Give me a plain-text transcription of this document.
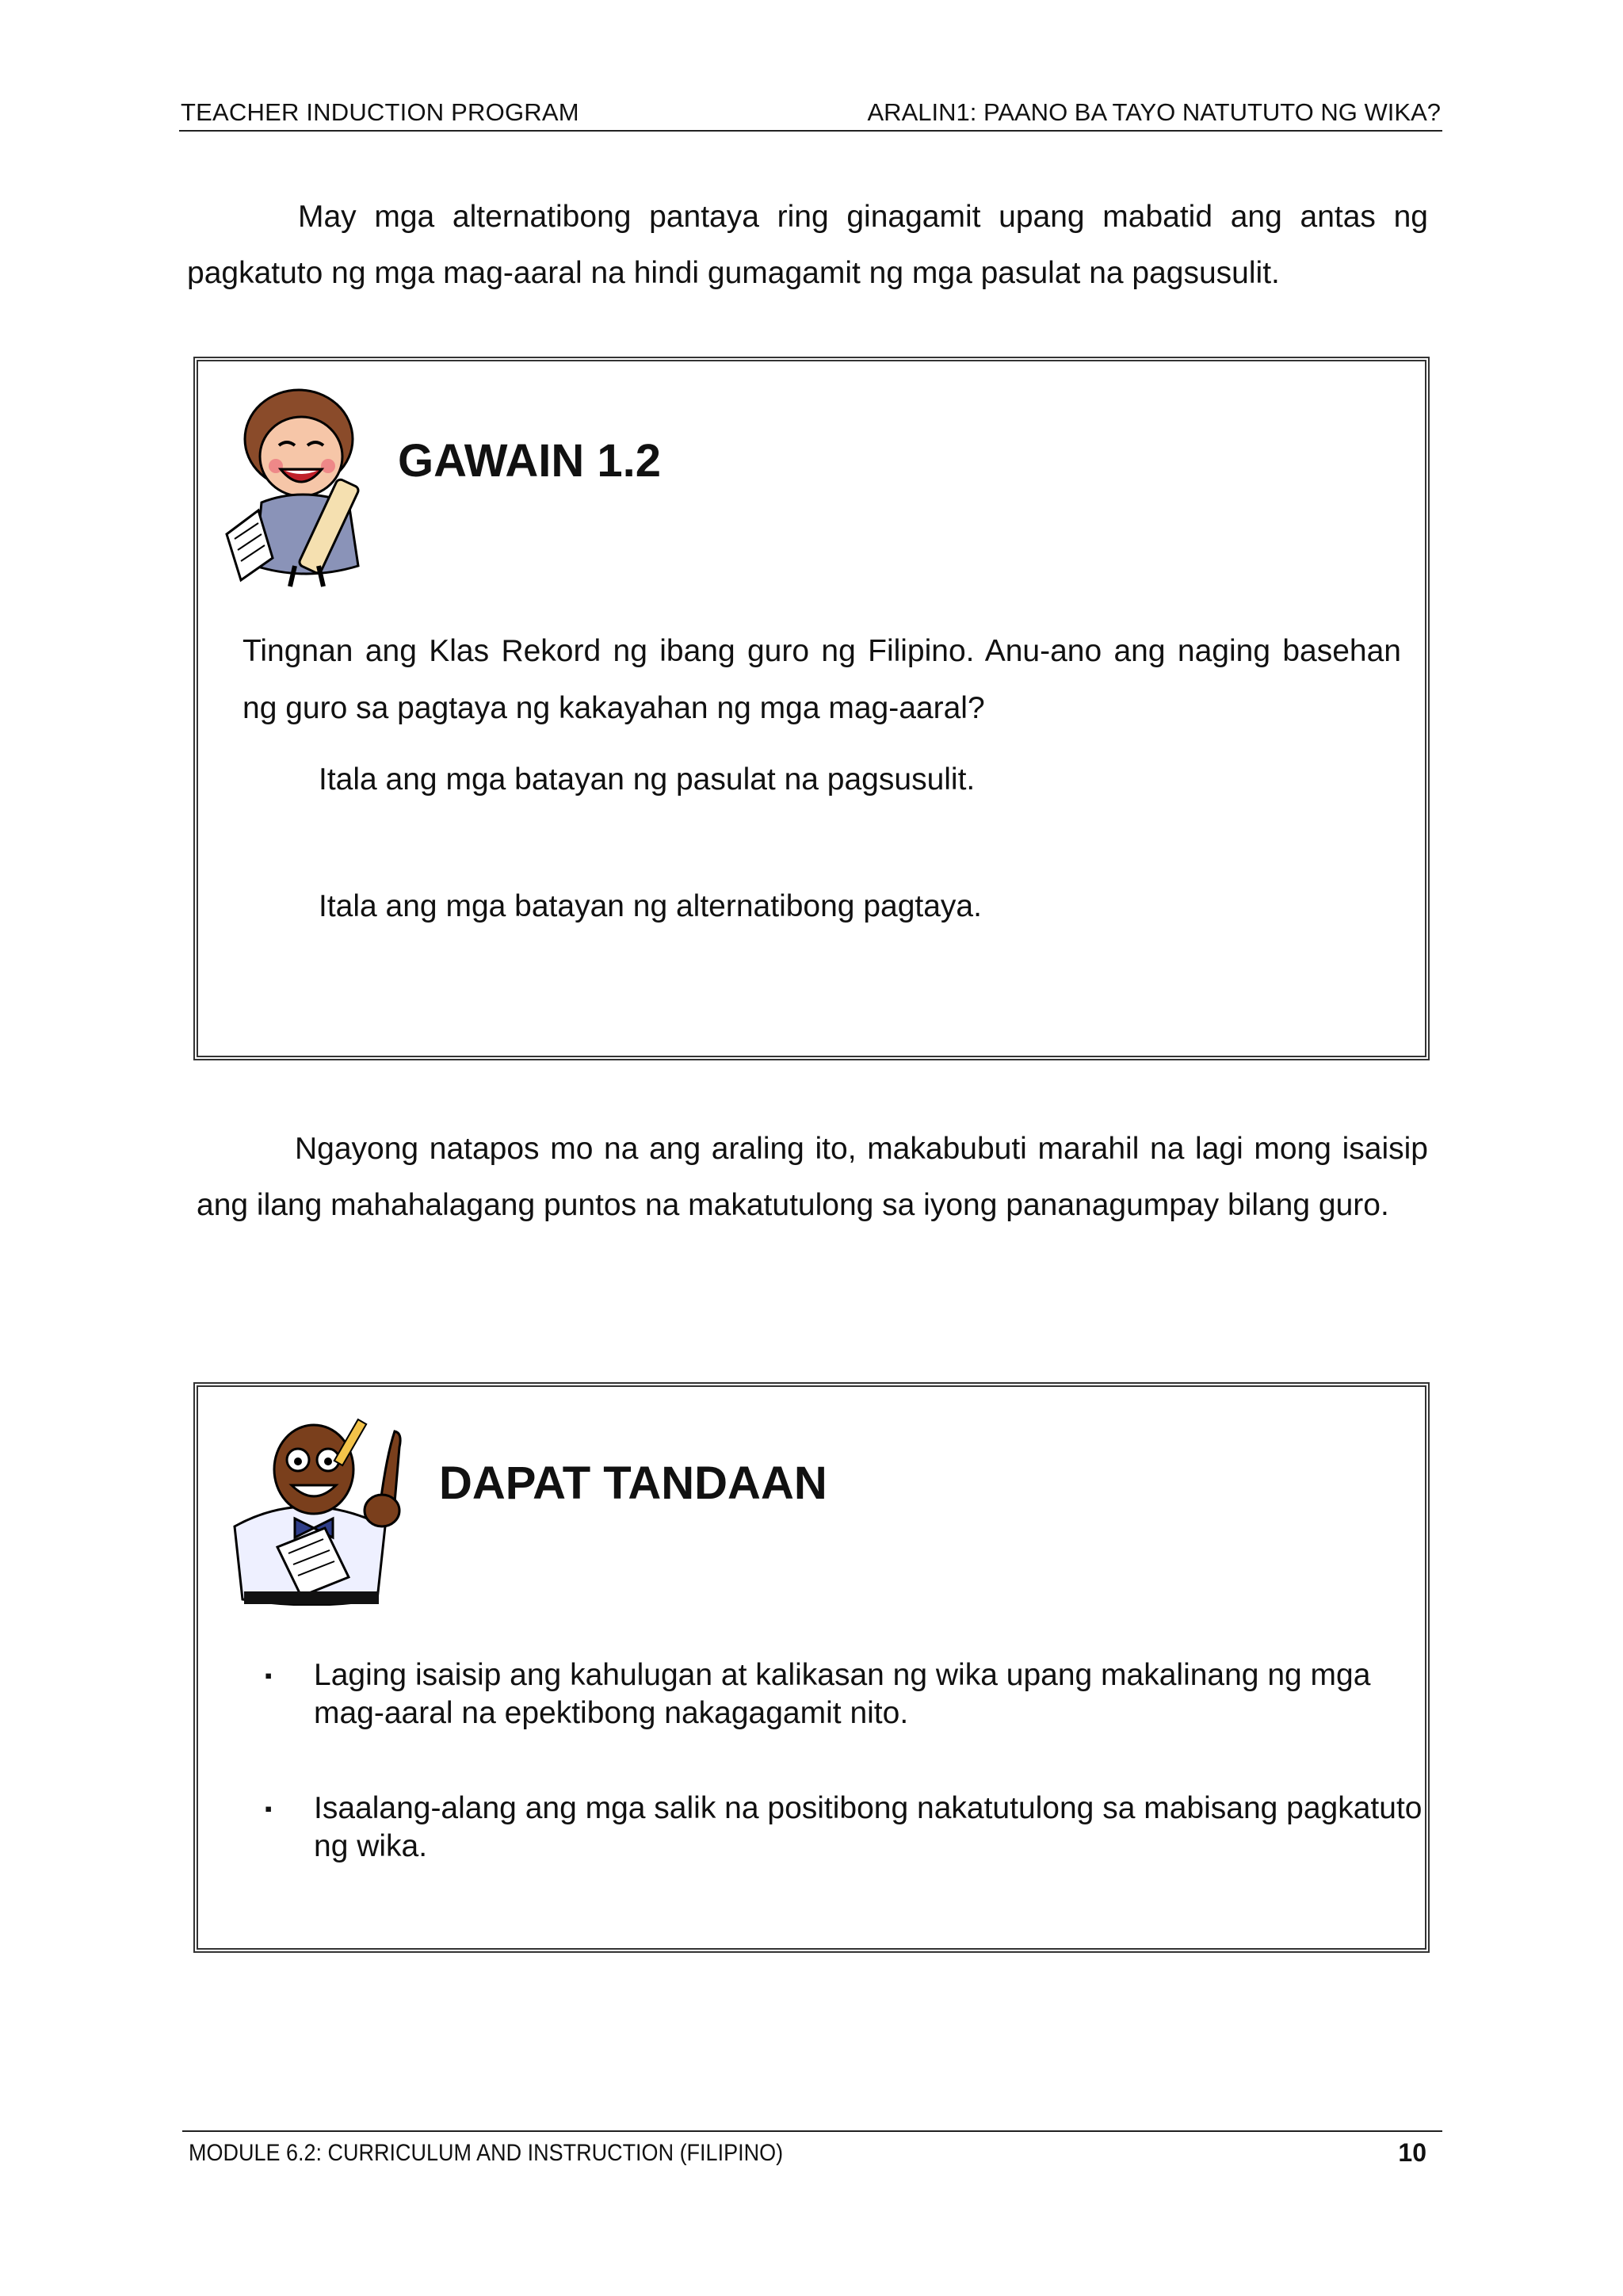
TEACHER INDUCTION PROGRAM	ARALIN1: PAANO BA TAYO NATUTUTO NG WIKA?
May mga alternatibong pantaya ring ginagamit upang mabatid ang antas ng pagkatuto ng mga mag-aaral na hindi gumagamit ng mga pasulat na pagsusulit.
GAWAIN 1.2
Tingnan ang Klas Rekord ng ibang guro ng Filipino. Anu-ano ang naging basehan ng guro sa pagtaya ng kakayahan ng mga mag-aaral?
Itala ang mga batayan ng pasulat na pagsusulit.
Itala ang mga batayan ng alternatibong pagtaya.
Ngayong natapos mo na ang araling ito, makabubuti marahil na lagi mong isaisip ang ilang mahahalagang puntos na makatutulong sa iyong pananagumpay bilang guro.
DAPAT TANDAAN
▪ Laging isaisip ang kahulugan at kalikasan ng wika upang makalinang ng mga mag-aaral na epektibong nakagagamit nito.
▪ Isaalang-alang ang mga salik na positibong nakatutulong sa mabisang pagkatuto ng wika.
MODULE 6.2: CURRICULUM AND INSTRUCTION (FILIPINO)	10
